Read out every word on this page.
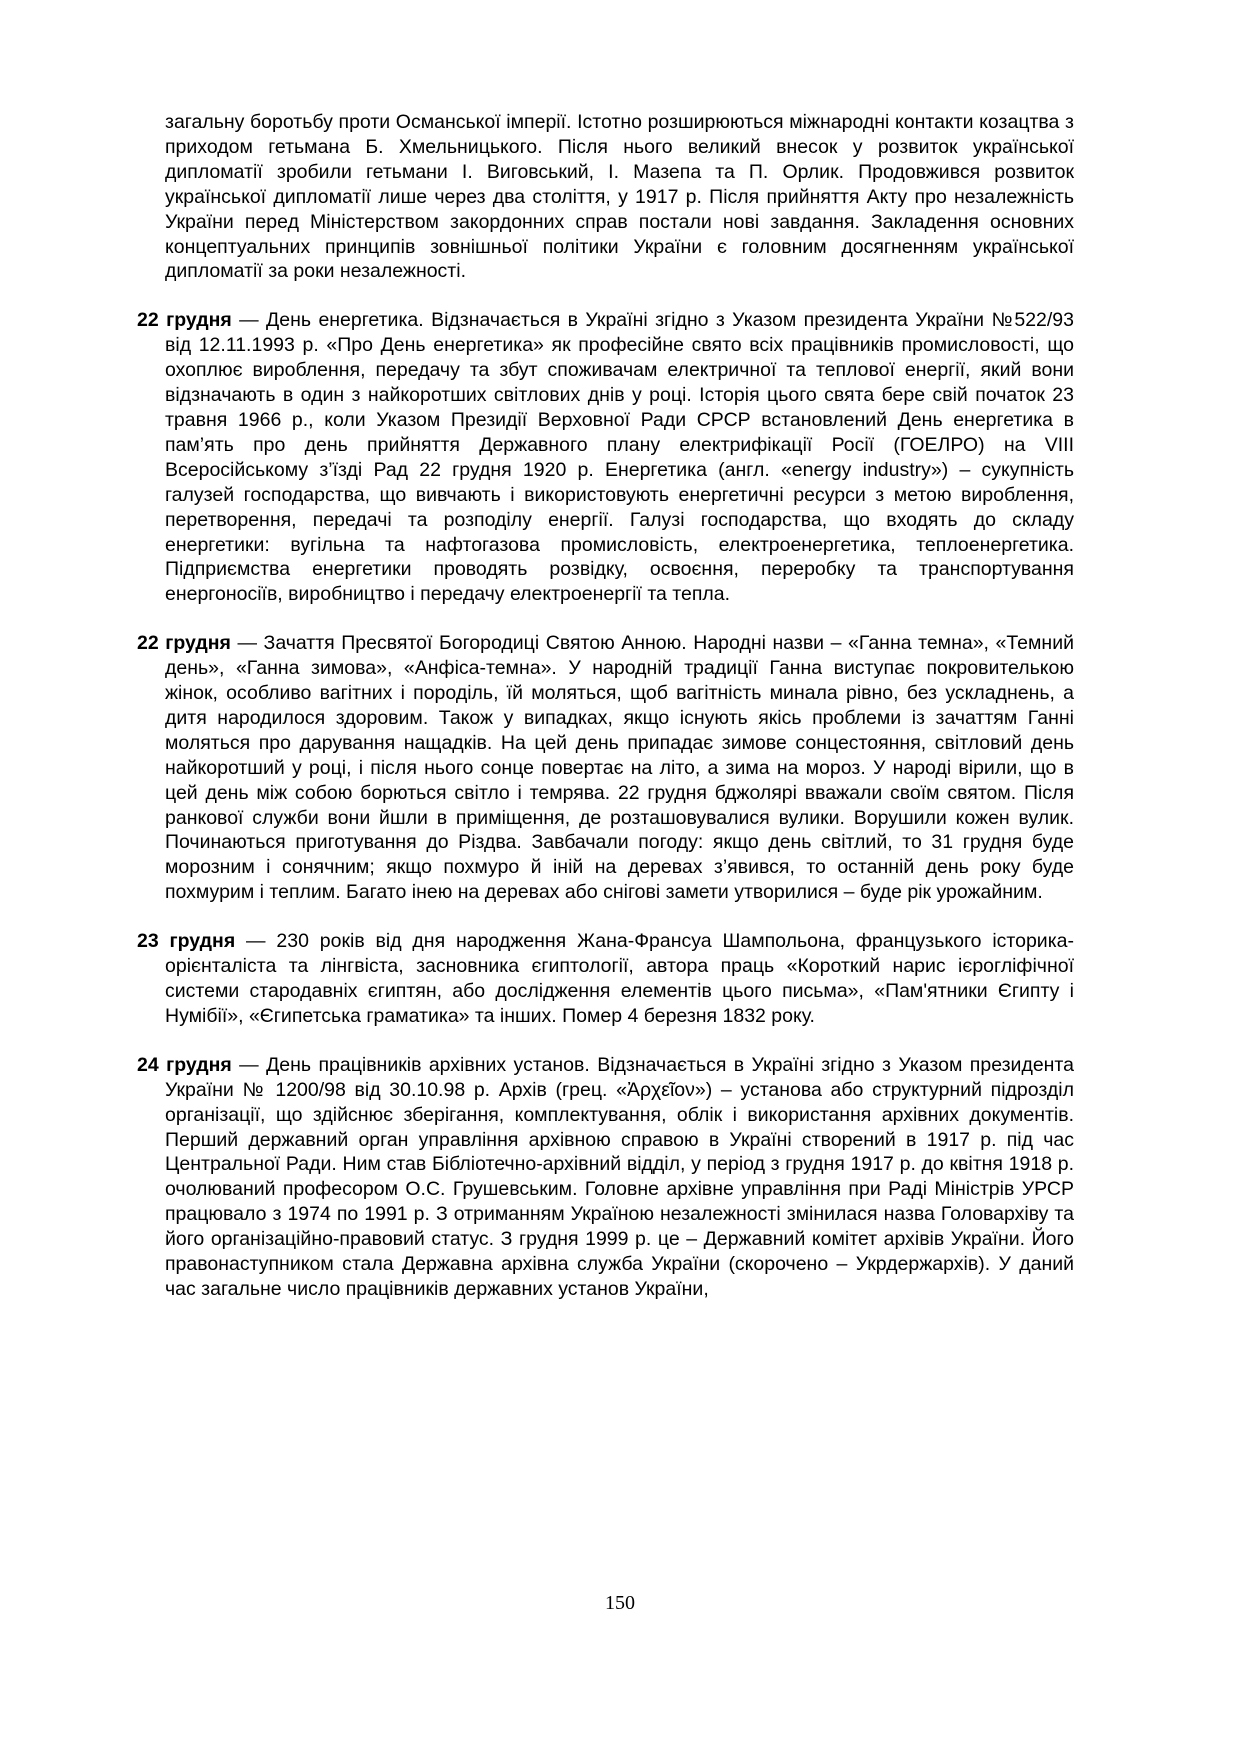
загальну боротьбу проти Османської імперії. Істотно розширюються міжнародні контакти козацтва з приходом гетьмана Б. Хмельницького. Після нього великий внесок у розвиток української дипломатії зробили гетьмани І. Виговський, І. Мазепа та П. Орлик. Продовжився розвиток української дипломатії лише через два століття, у 1917 р. Після прийняття Акту про незалежність України перед Міністерством закордонних справ постали нові завдання. Закладення основних концептуальних принципів зовнішньої політики України є головним досягненням української дипломатії за роки незалежності.

22 грудня — День енергетика. Відзначається в Україні згідно з Указом президента України №522/93 від 12.11.1993 р. «Про День енергетика» як професійне свято всіх працівників промисловості, що охоплює вироблення, передачу та збут споживачам електричної та теплової енергії, який вони відзначають в один з найкоротших світлових днів у році. Історія цього свята бере свій початок 23 травня 1966 р., коли Указом Президії Верховної Ради СРСР встановлений День енергетика в пам’ять про день прийняття Державного плану електрифікації Росії (ГОЕЛРО) на VIII Всеросійському з’їзді Рад 22 грудня 1920 р. Енергетика (англ. «energy industry») – сукупність галузей господарства, що вивчають і використовують енергетичні ресурси з метою вироблення, перетворення, передачі та розподілу енергії. Галузі господарства, що входять до складу енергетики: вугільна та нафтогазова промисловість, електроенергетика, теплоенергетика. Підприємства енергетики проводять розвідку, освоєння, переробку та транспортування енергоносіїв, виробництво і передачу електроенергії та тепла.

22 грудня — Зачаття Пресвятої Богородиці Святою Анною. Народні назви – «Ганна темна», «Темний день», «Ганна зимова», «Анфіса-темна». У народній традиції Ганна виступає покровителькою жінок, особливо вагітних і породіль, їй моляться, щоб вагітність минала рівно, без ускладнень, а дитя народилося здоровим. Також у випадках, якщо існують якісь проблеми із зачаттям Ганні моляться про дарування нащадків. На цей день припадає зимове сонцестояння, світловий день найкоротший у році, і після нього сонце повертає на літо, а зима на мороз. У народі вірили, що в цей день між собою борються світло і темрява. 22 грудня бджолярі вважали своїм святом. Після ранкової служби вони йшли в приміщення, де розташовувалися вулики. Ворушили кожен вулик. Починаються приготування до Різдва. Завбачали погоду: якщо день світлий, то 31 грудня буде морозним і сонячним; якщо похмуро й іній на деревах з’явився, то останній день року буде похмурим і теплим. Багато інею на деревах або снігові замети утворилися – буде рік урожайним.

23 грудня — 230 років від дня народження Жана-Франсуа Шампольона, французького історика-орієнталіста та лінгвіста, засновника єгиптології, автора праць «Короткий нарис ієрогліфічної системи стародавніх єгиптян, або дослідження елементів цього письма», «Пам'ятники Єгипту і Нумібії», «Єгипетська граматика» та інших. Помер 4 березня 1832 року.

24 грудня — День працівників архівних установ. Відзначається в Україні згідно з Указом президента України № 1200/98 від 30.10.98 р. Архів (грец. «Ἀρχεῖον») – установа або структурний підрозділ організації, що здійснює зберігання, комплектування, облік і використання архівних документів. Перший державний орган управління архівною справою в Україні створений в 1917 р. під час Центральної Ради. Ним став Бібліотечно-архівний відділ, у період з грудня 1917 р. до квітня 1918 р. очолюваний професором О.С. Грушевським. Головне архівне управління при Раді Міністрів УРСР працювало з 1974 по 1991 р. З отриманням Україною незалежності змінилася назва Головархіву та його організаційно-правовий статус. З грудня 1999 р. це – Державний комітет архівів України. Його правонаступником стала Державна архівна служба України (скорочено – Укрдержархів). У даний час загальне число працівників державних установ України,

150
